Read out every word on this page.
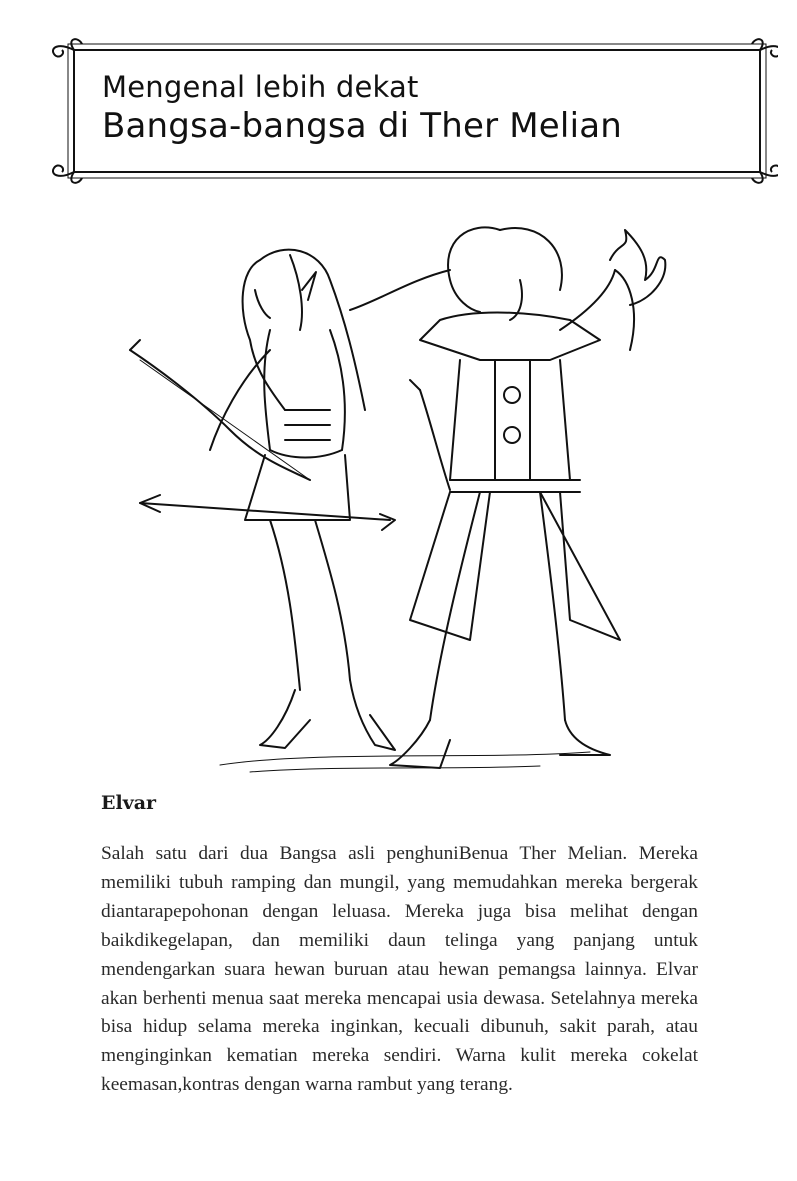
Mengenal lebih dekat
Bangsa-bangsa di Ther Melian
Elvar
Salah satu dari dua Bangsa asli penghuniBenua Ther Melian. Mereka memiliki tubuh ramping dan mungil, yang memudahkan mereka bergerak diantarapepohonan dengan leluasa. Mereka juga bisa melihat dengan baikdikegelapan, dan memiliki daun telinga yang panjang untuk mendengarkan suara hewan buruan atau hewan pemangsa lainnya. Elvar akan berhenti menua saat mereka mencapai usia dewasa. Setelahnya mereka bisa hidup selama mereka inginkan, kecuali dibunuh, sakit parah, atau menginginkan kematian mereka sendiri. Warna kulit mereka cokelat keemasan,kontras dengan warna rambut yang terang.
